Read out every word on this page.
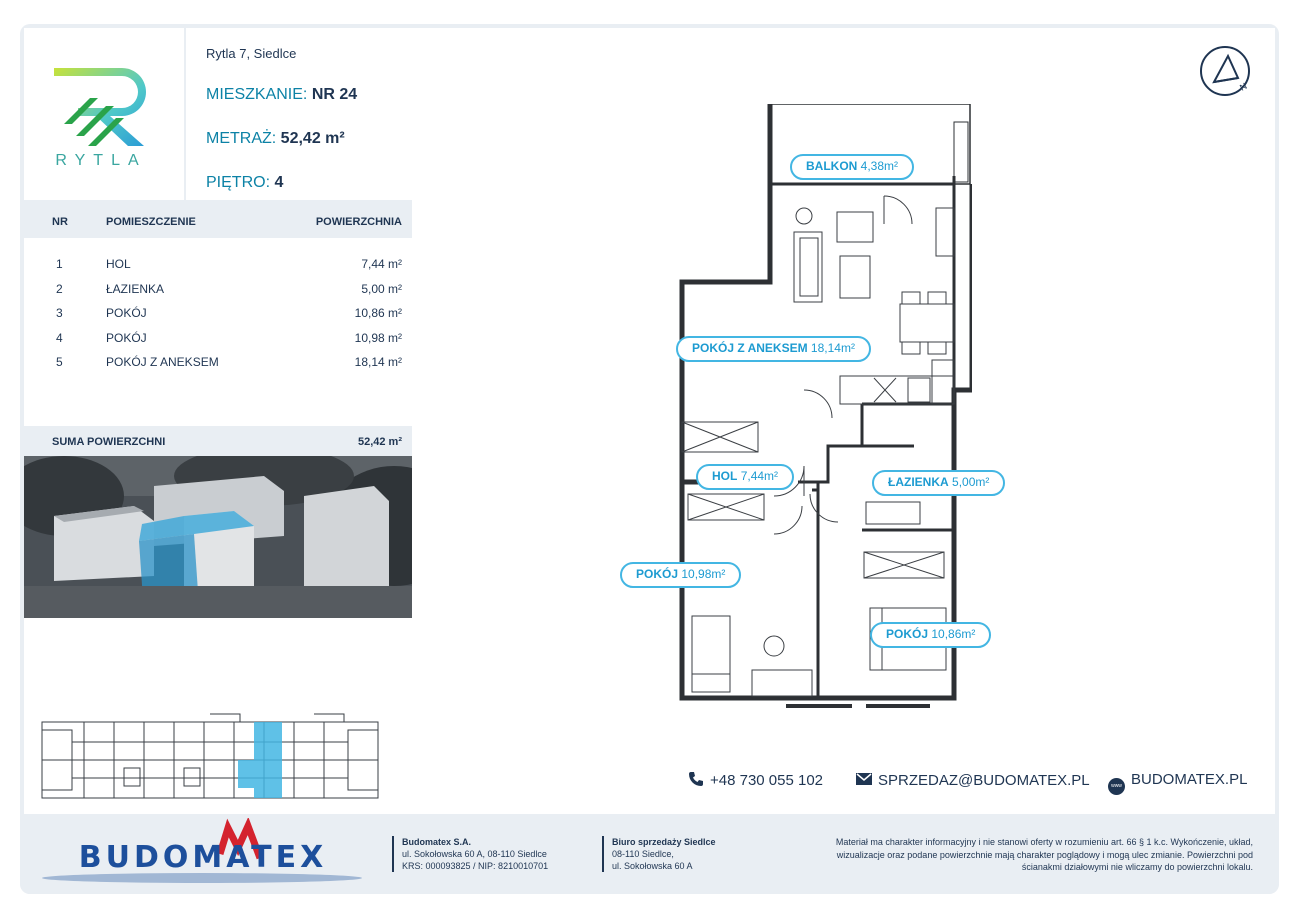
RYTLA
Rytla 7, Siedlce
MIESZKANIE: NR 24
METRAŻ: 52,42 m²
PIĘTRO: 4
NR	POMIESZCZENIE	POWIERZCHNIA
1	HOL	7,44 m²
2	ŁAZIENKA	5,00 m²
3	POKÓJ	10,86 m²
4	POKÓJ	10,98 m²
5	POKÓJ Z ANEKSEM	18,14 m²
SUMA POWIERZCHNI	52,42 m²
N
BALKON 4,38m²
POKÓJ Z ANEKSEM 18,14m²
HOL 7,44m²	ŁAZIENKA 5,00m²
POKÓJ 10,98m²
POKÓJ 10,86m²
+48 730 055 102	SPRZEDAZ@BUDOMATEX.PL	www BUDOMATEX.PL
BUDOMATEX	Budomatex S.A.
ul. Sokołowska 60 A, 08-110 Siedlce
KRS: 000093825 / NIP: 8210010701
Biuro sprzedaży Siedlce
08-110 Siedlce,
ul. Sokołowska 60 A
Materiał ma charakter informacyjny i nie stanowi oferty w rozumieniu art. 66 § 1 k.c. Wykończenie, układ,
wizualizacje oraz podane powierzchnie mają charakter poglądowy i mogą ulec zmianie. Powierzchni pod
ścianakmi działowymi nie wliczamy do powierzchni lokalu.
